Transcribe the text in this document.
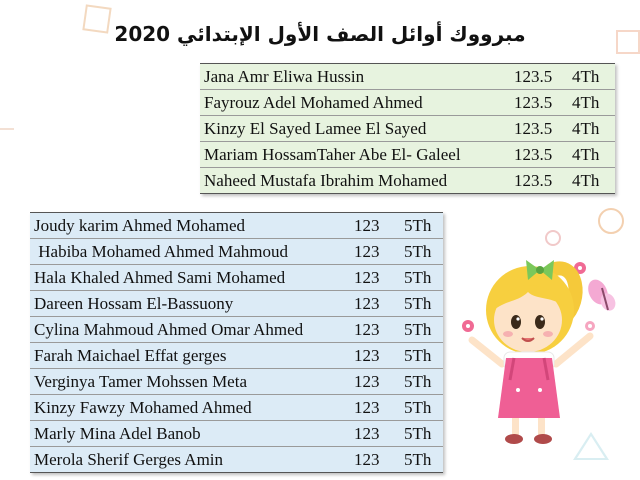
مبرووك أوائل الصف الأول الإبتدائي 2020
Jana Amr Eliwa Hussin	123.5	4Th
Fayrouz Adel Mohamed Ahmed	123.5	4Th
Kinzy El Sayed Lamee El Sayed	123.5	4Th
Mariam HossamTaher Abe El- Galeel	123.5	4Th
Naheed Mustafa Ibrahim Mohamed	123.5	4Th
Joudy karim Ahmed Mohamed	123	5Th
Habiba Mohamed Ahmed Mahmoud	123	5Th
Hala Khaled Ahmed Sami Mohamed	123	5Th
Dareen Hossam El-Bassuony	123	5Th
Cylina Mahmoud Ahmed Omar Ahmed	123	5Th
Farah Maichael Effat gerges	123	5Th
Verginya Tamer Mohssen Meta	123	5Th
Kinzy Fawzy Mohamed Ahmed	123	5Th
Marly Mina Adel Banob	123	5Th
Merola Sherif Gerges Amin	123	5Th
